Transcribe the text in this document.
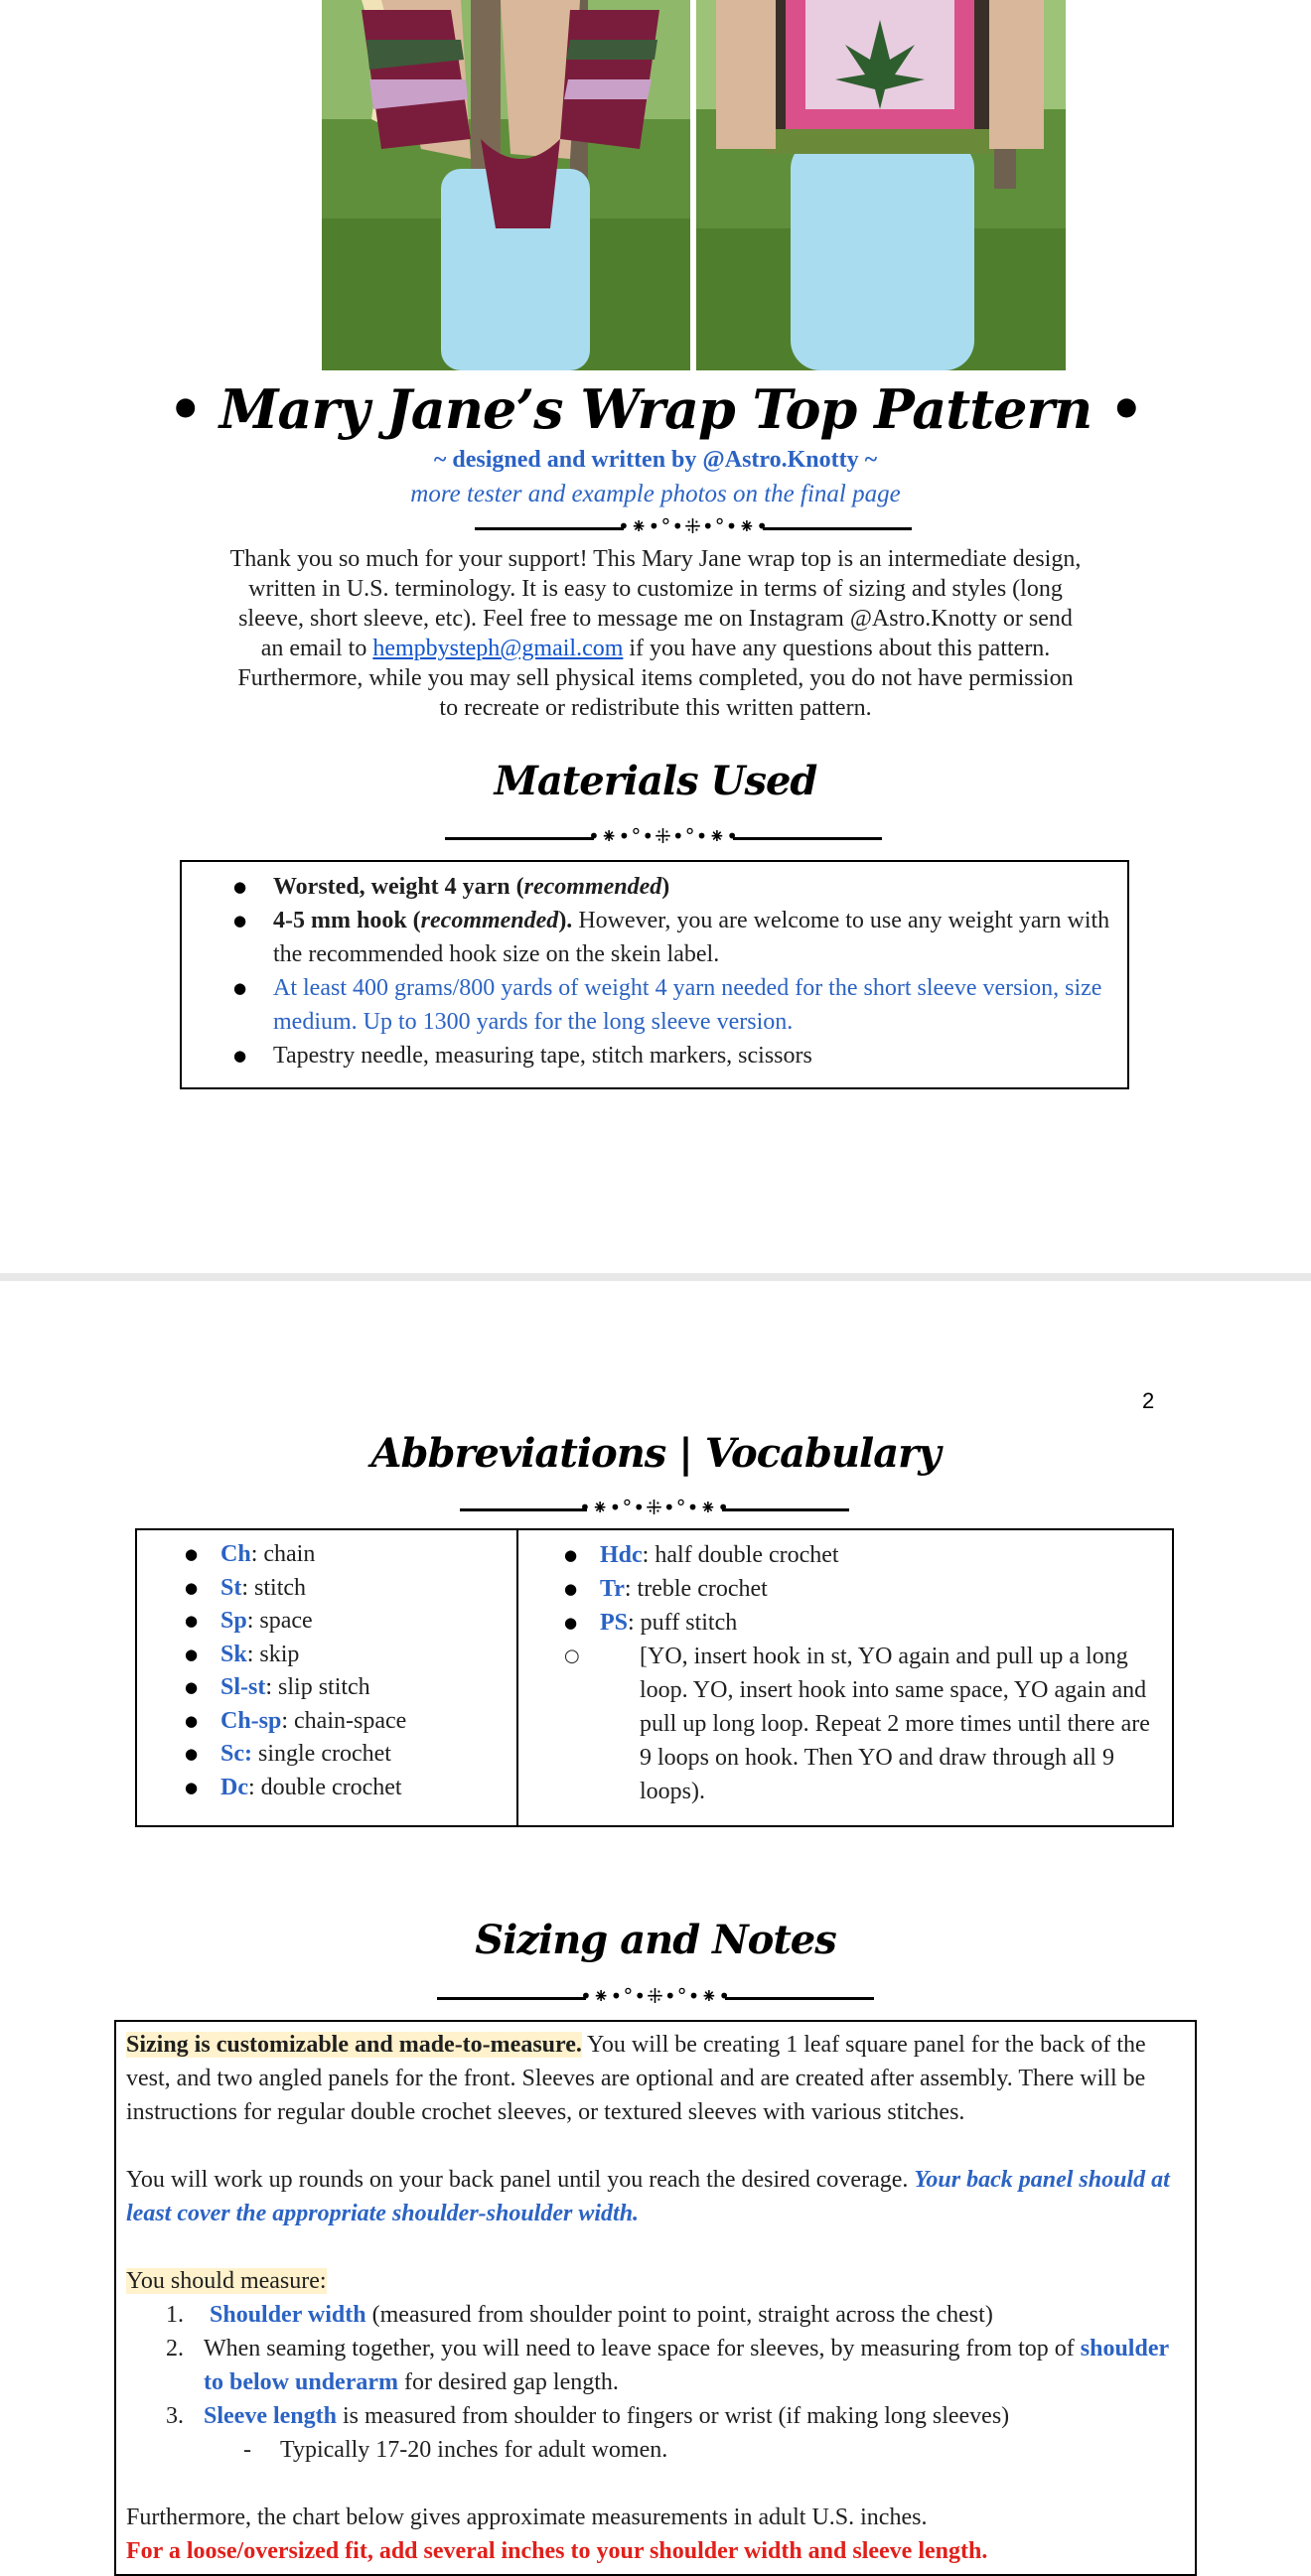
• Mary Jane’s Wrap Top Pattern •
~ designed and written by @Astro.Knotty ~
more tester and example photos on the final page
•⁕•°•⁜•°•⁕•
Thank you so much for your support! This Mary Jane wrap top is an intermediate design, written in U.S. terminology. It is easy to customize in terms of sizing and styles (long sleeve, short sleeve, etc). Feel free to message me on Instagram @Astro.Knotty or send an email to hempbysteph@gmail.com if you have any questions about this pattern. Furthermore, while you may sell physical items completed, you do not have permission to recreate or redistribute this written pattern.
Materials Used
•⁕•°•⁜•°•⁕•
● Worsted, weight 4 yarn (recommended)
● 4-5 mm hook (recommended). However, you are welcome to use any weight yarn with the recommended hook size on the skein label.
● At least 400 grams/800 yards of weight 4 yarn needed for the short sleeve version, size medium. Up to 1300 yards for the long sleeve version.
● Tapestry needle, measuring tape, stitch markers, scissors
2
Abbreviations | Vocabulary
•⁕•°•⁜•°•⁕•
● Ch: chain
● St: stitch
● Sp: space
● Sk: skip
● Sl-st: slip stitch
● Ch-sp: chain-space
● Sc: single crochet
● Dc: double crochet
● Hdc: half double crochet
● Tr: treble crochet
● PS: puff stitch
○ [YO, insert hook in st, YO again and pull up a long loop. YO, insert hook into same space, YO again and pull up long loop. Repeat 2 more times until there are 9 loops on hook. Then YO and draw through all 9 loops).
Sizing and Notes
•⁕•°•⁜•°•⁕•

Sizing is customizable and made-to-measure. You will be creating 1 leaf square panel for the back of the vest, and two angled panels for the front. Sleeves are optional and are created after assembly. There will be instructions for regular double crochet sleeves, or textured sleeves with various stitches.

You will work up rounds on your back panel until you reach the desired coverage. Your back panel should at least cover the appropriate shoulder-shoulder width.

You should measure:

1. Shoulder width (measured from shoulder point to point, straight across the chest)
2. When seaming together, you will need to leave space for sleeves, by measuring from top of shoulder to below underarm for desired gap length.
3. Sleeve length is measured from shoulder to fingers or wrist (if making long sleeves)
- Typically 17-20 inches for adult women.

Furthermore, the chart below gives approximate measurements in adult U.S. inches.

For a loose/oversized fit, add several inches to your shoulder width and sleeve length.
